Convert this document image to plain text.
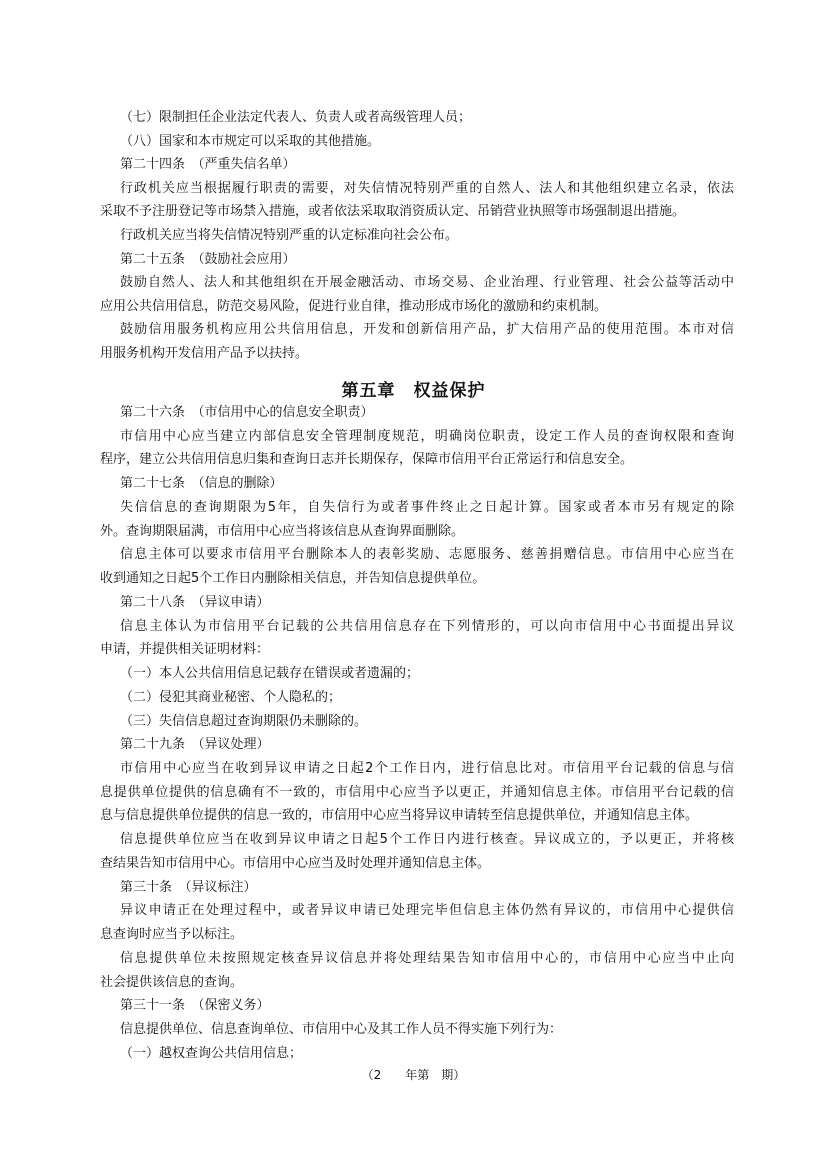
（七）限制担任企业法定代表人、负责人或者高级管理人员；
（八）国家和本市规定可以采取的其他措施。
第二十四条　（严重失信名单）
行政机关应当根据履行职责的需要，对失信情况特别严重的自然人、法人和其他组织建立名录，依法
采取不予注册登记等市场禁入措施，或者依法采取取消资质认定、吊销营业执照等市场强制退出措施。
行政机关应当将失信情况特别严重的认定标准向社会公布。
第二十五条　（鼓励社会应用）
鼓励自然人、法人和其他组织在开展金融活动、市场交易、企业治理、行业管理、社会公益等活动中
应用公共信用信息，防范交易风险，促进行业自律，推动形成市场化的激励和约束机制。
鼓励信用服务机构应用公共信用信息，开发和创新信用产品，扩大信用产品的使用范围。本市对信
用服务机构开发信用产品予以扶持。
第五章　权益保护
第二十六条　（市信用中心的信息安全职责）
市信用中心应当建立内部信息安全管理制度规范，明确岗位职责，设定工作人员的查询权限和查询
程序，建立公共信用信息归集和查询日志并长期保存，保障市信用平台正常运行和信息安全。
第二十七条　（信息的删除）
失信信息的查询期限为5年，自失信行为或者事件终止之日起计算。国家或者本市另有规定的除
外。查询期限届满，市信用中心应当将该信息从查询界面删除。
信息主体可以要求市信用平台删除本人的表彰奖励、志愿服务、慈善捐赠信息。市信用中心应当在
收到通知之日起5个工作日内删除相关信息，并告知信息提供单位。
第二十八条　（异议申请）
信息主体认为市信用平台记载的公共信用信息存在下列情形的，可以向市信用中心书面提出异议
申请，并提供相关证明材料：
（一）本人公共信用信息记载存在错误或者遗漏的；
（二）侵犯其商业秘密、个人隐私的；
（三）失信信息超过查询期限仍未删除的。
第二十九条　（异议处理）
市信用中心应当在收到异议申请之日起2个工作日内，进行信息比对。市信用平台记载的信息与信
息提供单位提供的信息确有不一致的，市信用中心应当予以更正，并通知信息主体。市信用平台记载的信
息与信息提供单位提供的信息一致的，市信用中心应当将异议申请转至信息提供单位，并通知信息主体。
信息提供单位应当在收到异议申请之日起5个工作日内进行核查。异议成立的，予以更正，并将核
查结果告知市信用中心。市信用中心应当及时处理并通知信息主体。
第三十条　（异议标注）
异议申请正在处理过程中，或者异议申请已处理完毕但信息主体仍然有异议的，市信用中心提供信
息查询时应当予以标注。
信息提供单位未按照规定核查异议信息并将处理结果告知市信用中心的，市信用中心应当中止向
社会提供该信息的查询。
第三十一条　（保密义务）
信息提供单位、信息查询单位、市信用中心及其工作人员不得实施下列行为：
（一）越权查询公共信用信息；
（2　　年第　期）
